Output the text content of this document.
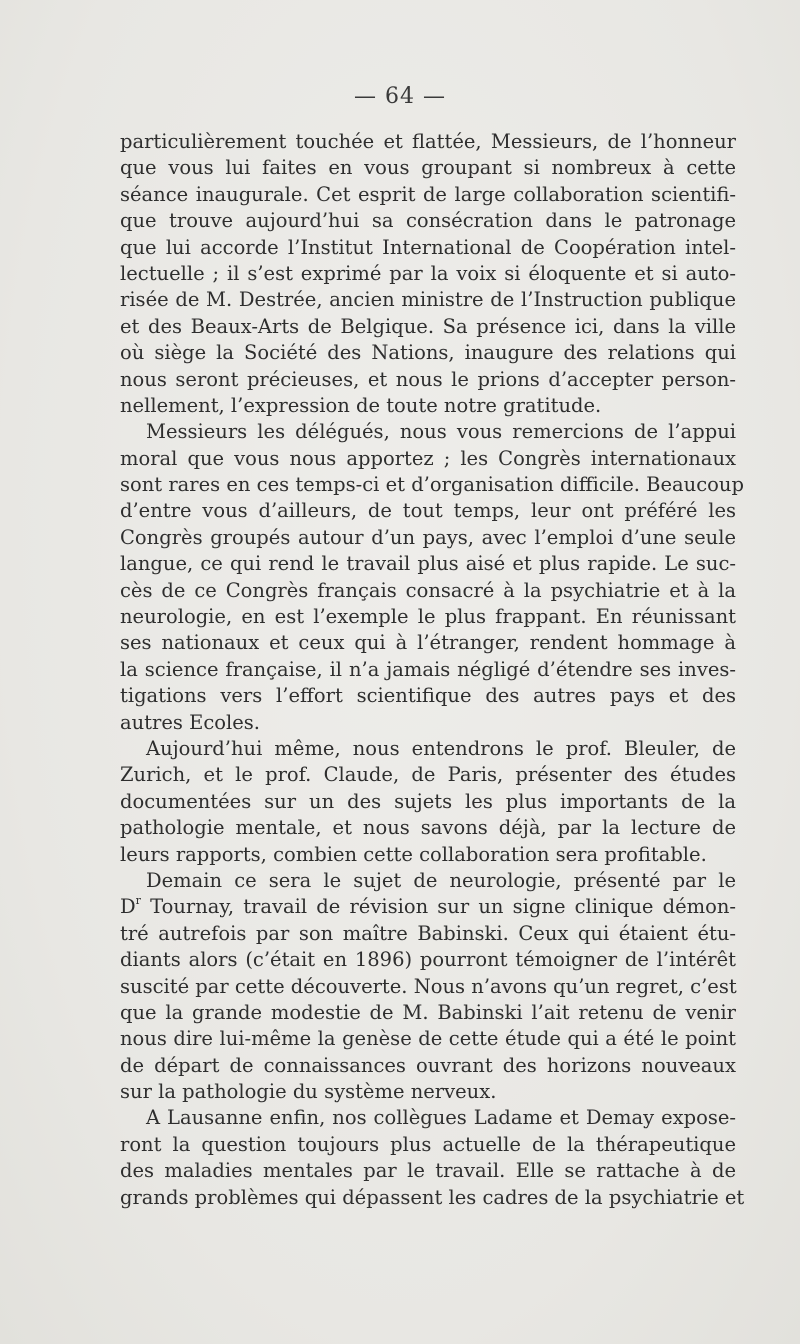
— 64 —
particulièrement touchée et flattée, Messieurs, de l’honneur
que vous lui faites en vous groupant si nombreux à cette
séance inaugurale. Cet esprit de large collaboration scientifi-
que trouve aujourd’hui sa consécration dans le patronage
que lui accorde l’Institut International de Coopération intel-
lectuelle ; il s’est exprimé par la voix si éloquente et si auto-
risée de M. Destrée, ancien ministre de l’Instruction publique
et des Beaux-Arts de Belgique. Sa présence ici, dans la ville
où siège la Société des Nations, inaugure des relations qui
nous seront précieuses, et nous le prions d’accepter person-
nellement, l’expression de toute notre gratitude.
Messieurs les délégués, nous vous remercions de l’appui
moral que vous nous apportez ; les Congrès internationaux
sont rares en ces temps-ci et d’organisation difficile. Beaucoup
d’entre vous d’ailleurs, de tout temps, leur ont préféré les
Congrès groupés autour d’un pays, avec l’emploi d’une seule
langue, ce qui rend le travail plus aisé et plus rapide. Le suc-
cès de ce Congrès français consacré à la psychiatrie et à la
neurologie, en est l’exemple le plus frappant. En réunissant
ses nationaux et ceux qui à l’étranger, rendent hommage à
la science française, il n’a jamais négligé d’étendre ses inves-
tigations vers l’effort scientifique des autres pays et des
autres Ecoles.
Aujourd’hui même, nous entendrons le prof. Bleuler, de
Zurich, et le prof. Claude, de Paris, présenter des études
documentées sur un des sujets les plus importants de la
pathologie mentale, et nous savons déjà, par la lecture de
leurs rapports, combien cette collaboration sera profitable.
Demain ce sera le sujet de neurologie, présenté par le
$D^r$ Tournay, travail de révision sur un signe clinique démon-
tré autrefois par son maître Babinski. Ceux qui étaient étu-
diants alors (c’était en 1896) pourront témoigner de l’intérêt
suscité par cette découverte. Nous n’avons qu’un regret, c’est
que la grande modestie de M. Babinski l’ait retenu de venir
nous dire lui-même la genèse de cette étude qui a été le point
de départ de connaissances ouvrant des horizons nouveaux
sur la pathologie du système nerveux.
A Lausanne enfin, nos collègues Ladame et Demay expose-
ront la question toujours plus actuelle de la thérapeutique
des maladies mentales par le travail. Elle se rattache à de
grands problèmes qui dépassent les cadres de la psychiatrie et
